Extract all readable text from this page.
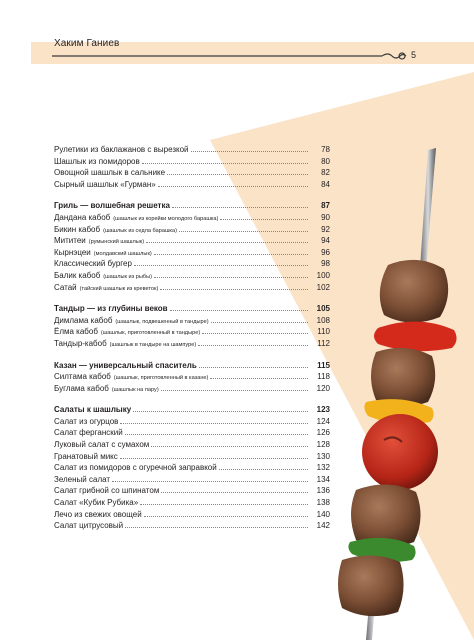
Хаким Ганиев
5
Рулетики из баклажанов с вырезкой	78
Шашлык из помидоров	80
Овощной шашлык в сальнике	82
Сырный шашлык «Гурман»	84
Гриль — волшебная решетка	87
Дандана кабоб (шашлык из корейки молодого барашка)	90
Бикин кабоб (шашлык из седла барашка)	92
Мититеи (румынский шашлык)	94
Кырнэцеи (молдавский шашлык)	96
Классический бургер	98
Балик кабоб (шашлык из рыбы)	100
Сатай (тайский шашлык из креветок)	102
Тандыр — из глубины веков	105
Димлама кабоб (шашлык, подвешенный в тандыре)	108
Ёлма кабоб (шашлык, приготовленный в тандыре)	110
Тандыр-кабоб (шашлык в тандыре на шампуре)	112
Казан — универсальный спаситель	115
Силтама кабоб (шашлык, приготовленный в казане)	118
Буглама кабоб (шашлык на пару)	120
Салаты к шашлыку	123
Салат из огурцов	124
Салат ферганский	126
Луковый салат с сумахом	128
Гранатовый микс	130
Салат из помидоров с огуречной заправкой	132
Зеленый салат	134
Салат грибной со шпинатом	136
Салат «Кубик Рубика»	138
Лечо из свежих овощей	140
Салат цитрусовый	142
